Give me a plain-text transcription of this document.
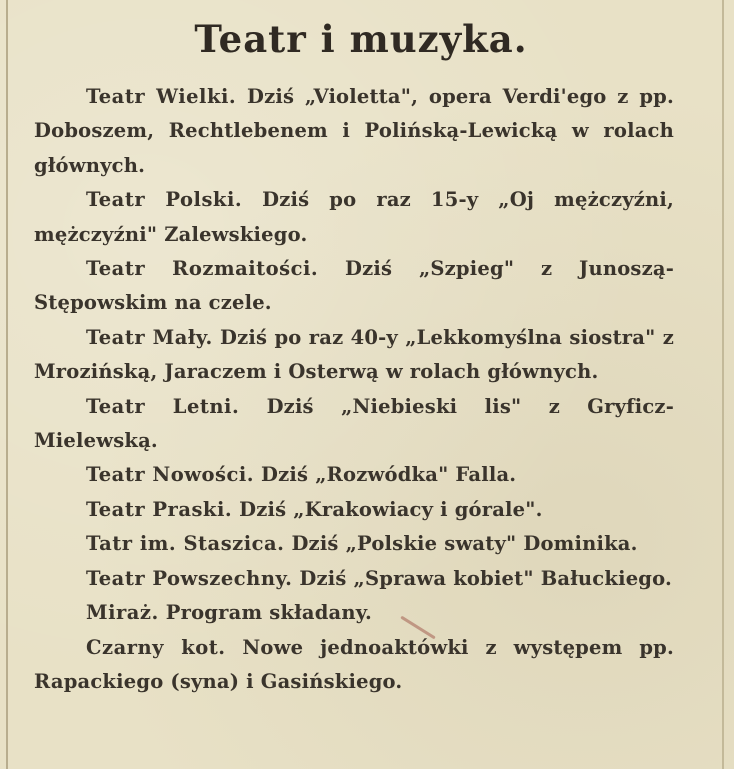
Teatr i muzyka.

Teatr Wielki. Dziś „Violetta", opera Verdi'ego z pp. Doboszem, Rechtlebenem i Polińską-Lewicką w rolach głównych.

Teatr Polski. Dziś po raz 15-y „Oj mężczyźni, mężczyźni" Zalewskiego.

Teatr Rozmaitości. Dziś „Szpieg" z Junoszą-Stępowskim na czele.

Teatr Mały. Dziś po raz 40-y „Lekkomyślna siostra" z Mrozińską, Jaraczem i Osterwą w rolach głównych.

Teatr Letni. Dziś „Niebieski lis" z Gryficz-Mielewską.

Teatr Nowości. Dziś „Rozwódka" Falla.

Teatr Praski. Dziś „Krakowiacy i górale".

Tatr im. Staszica. Dziś „Polskie swaty" Dominika.

Teatr Powszechny. Dziś „Sprawa kobiet" Bałuckiego.

Miraż. Program składany.

Czarny kot. Nowe jednoaktówki z występem pp. Rapackiego (syna) i Gasińskiego.
